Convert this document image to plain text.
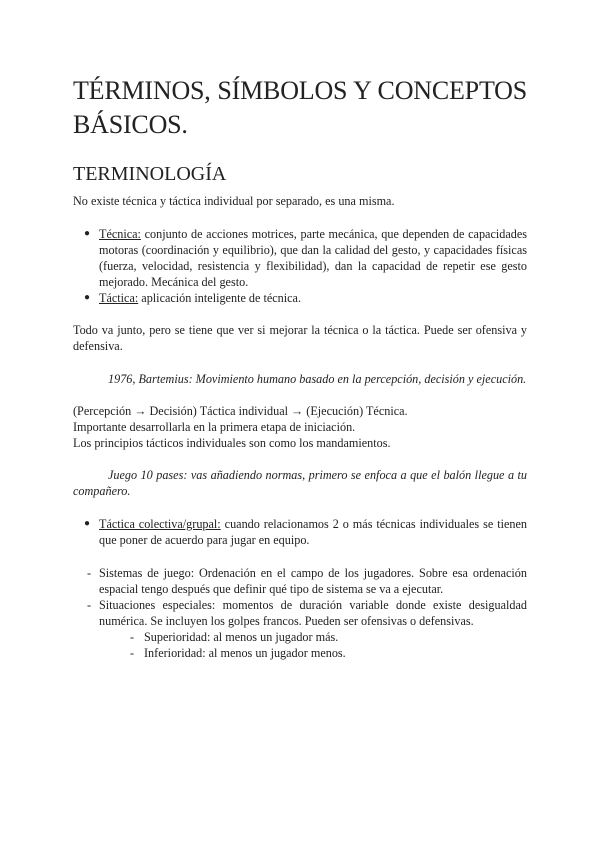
TÉRMINOS, SÍMBOLOS Y CONCEPTOS BÁSICOS.
TERMINOLOGÍA

No existe técnica y táctica individual por separado, es una misma.

● Técnica: conjunto de acciones motrices, parte mecánica, que dependen de capacidades motoras (coordinación y equilibrio), que dan la calidad del gesto, y capacidades físicas (fuerza, velocidad, resistencia y flexibilidad), dan la capacidad de repetir ese gesto mejorado. Mecánica del gesto.
● Táctica: aplicación inteligente de técnica.

Todo va junto, pero se tiene que ver si mejorar la técnica o la táctica. Puede ser ofensiva y defensiva.

1976, Bartemius: Movimiento humano basado en la percepción, decisión y ejecución.

(Percepción → Decisión) Táctica individual → (Ejecución) Técnica.
Importante desarrollarla en la primera etapa de iniciación.
Los principios tácticos individuales son como los mandamientos.

Juego 10 pases: vas añadiendo normas, primero se enfoca a que el balón llegue a tu compañero.

● Táctica colectiva/grupal: cuando relacionamos 2 o más técnicas individuales se tienen que poner de acuerdo para jugar en equipo.
- Sistemas de juego: Ordenación en el campo de los jugadores. Sobre esa ordenación espacial tengo después que definir qué tipo de sistema se va a ejecutar.
- Situaciones especiales: momentos de duración variable donde existe desigualdad numérica. Se incluyen los golpes francos. Pueden ser ofensivas o defensivas.
- Superioridad: al menos un jugador más.
- Inferioridad: al menos un jugador menos.
